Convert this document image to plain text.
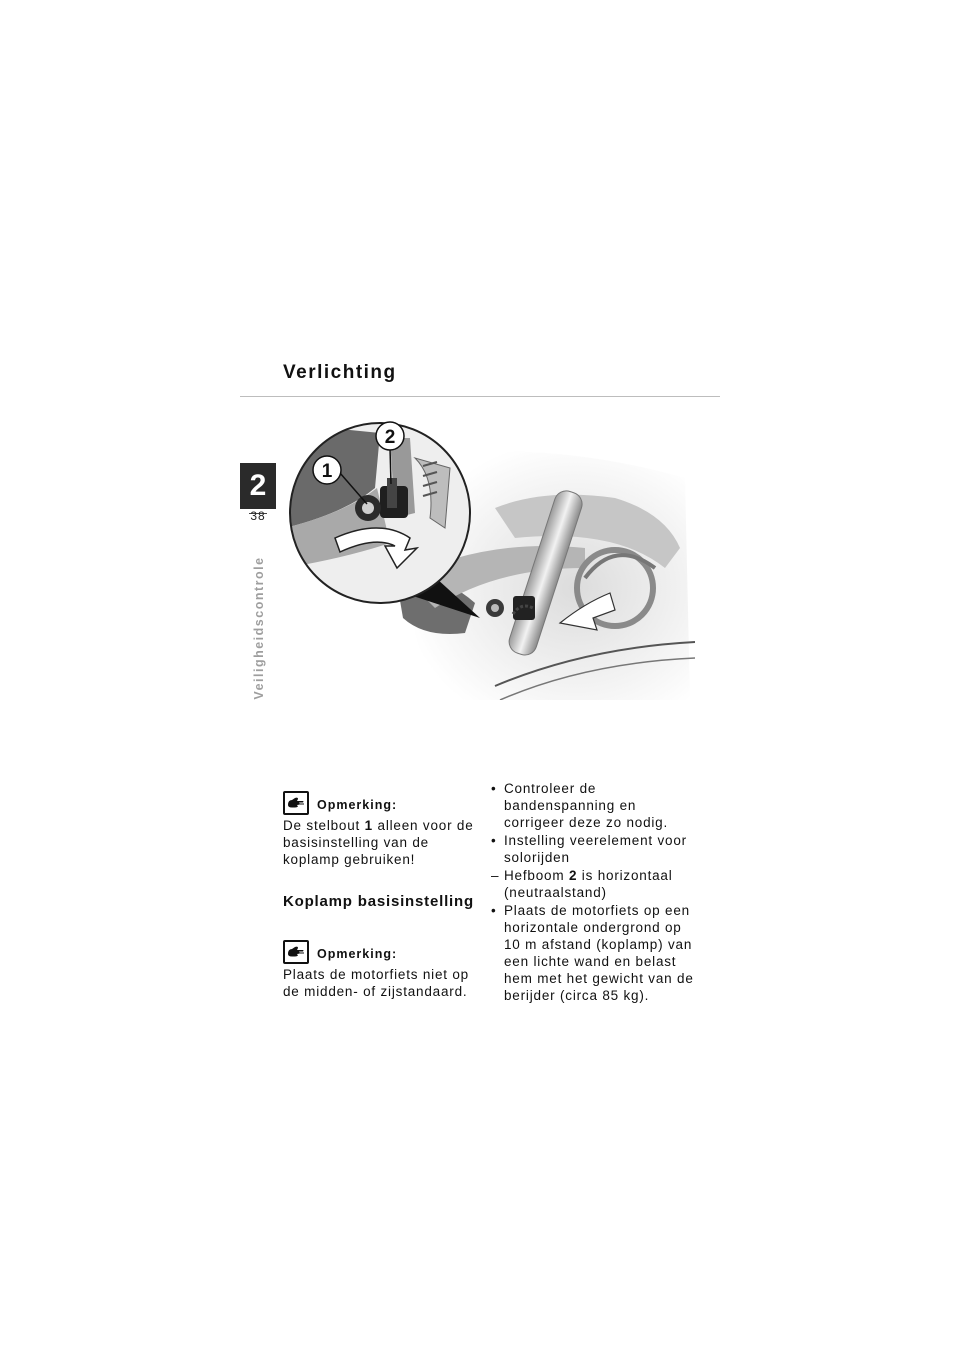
Verlichting
2
38
Veiligheidscontrole
1
2
Opmerking:
De stelbout 1 alleen voor de basisinstelling van de koplamp gebruiken!
Koplamp basisinstelling
Opmerking:
Plaats de motorfiets niet op de midden- of zijstandaard.
• Controleer de bandenspanning en corrigeer deze zo nodig.
• Instelling veerelement voor solorijden
– Hefboom 2 is horizontaal (neutraalstand)
• Plaats de motorfiets op een horizontale ondergrond op 10 m afstand (koplamp) van een lichte wand en belast hem met het gewicht van de berijder (circa 85 kg).
